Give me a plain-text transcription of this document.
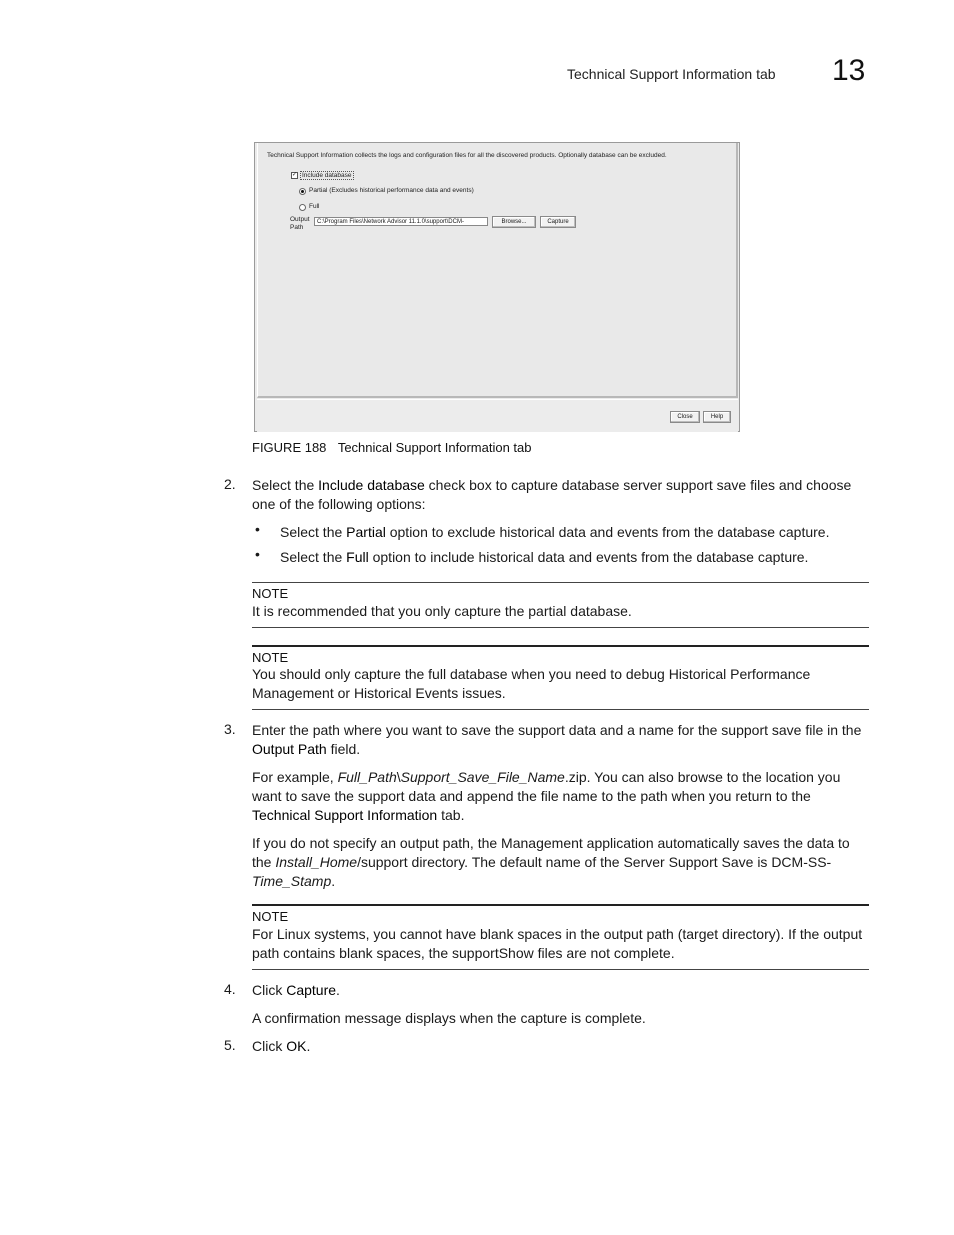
Technical Support Information tab 13
Technical Support Information collects the logs and configuration files for all the discovered products. Optionally database can be excluded.
✓ Include database
Partial (Excludes historical performance data and events)
Full
Output Path
C:\Program Files\Network Advisor 11.1.0\support\DCM-	Browse...	Capture
Close	Help
FIGURE 188 Technical Support Information tab
2. Select the Include database check box to capture database server support save files and choose one of the following options:
• Select the Partial option to exclude historical data and events from the database capture.
• Select the Full option to include historical data and events from the database capture.
NOTE
It is recommended that you only capture the partial database.
NOTE
You should only capture the full database when you need to debug Historical Performance Management or Historical Events issues.
3. Enter the path where you want to save the support data and a name for the support save file in the Output Path field.
For example, Full_Path\Support_Save_File_Name.zip. You can also browse to the location you want to save the support data and append the file name to the path when you return to the Technical Support Information tab.
If you do not specify an output path, the Management application automatically saves the data to the Install_Home/support directory. The default name of the Server Support Save is DCM-SS-Time_Stamp.
NOTE
For Linux systems, you cannot have blank spaces in the output path (target directory). If the output path contains blank spaces, the supportShow files are not complete.
4. Click Capture.
A confirmation message displays when the capture is complete.
5. Click OK.
